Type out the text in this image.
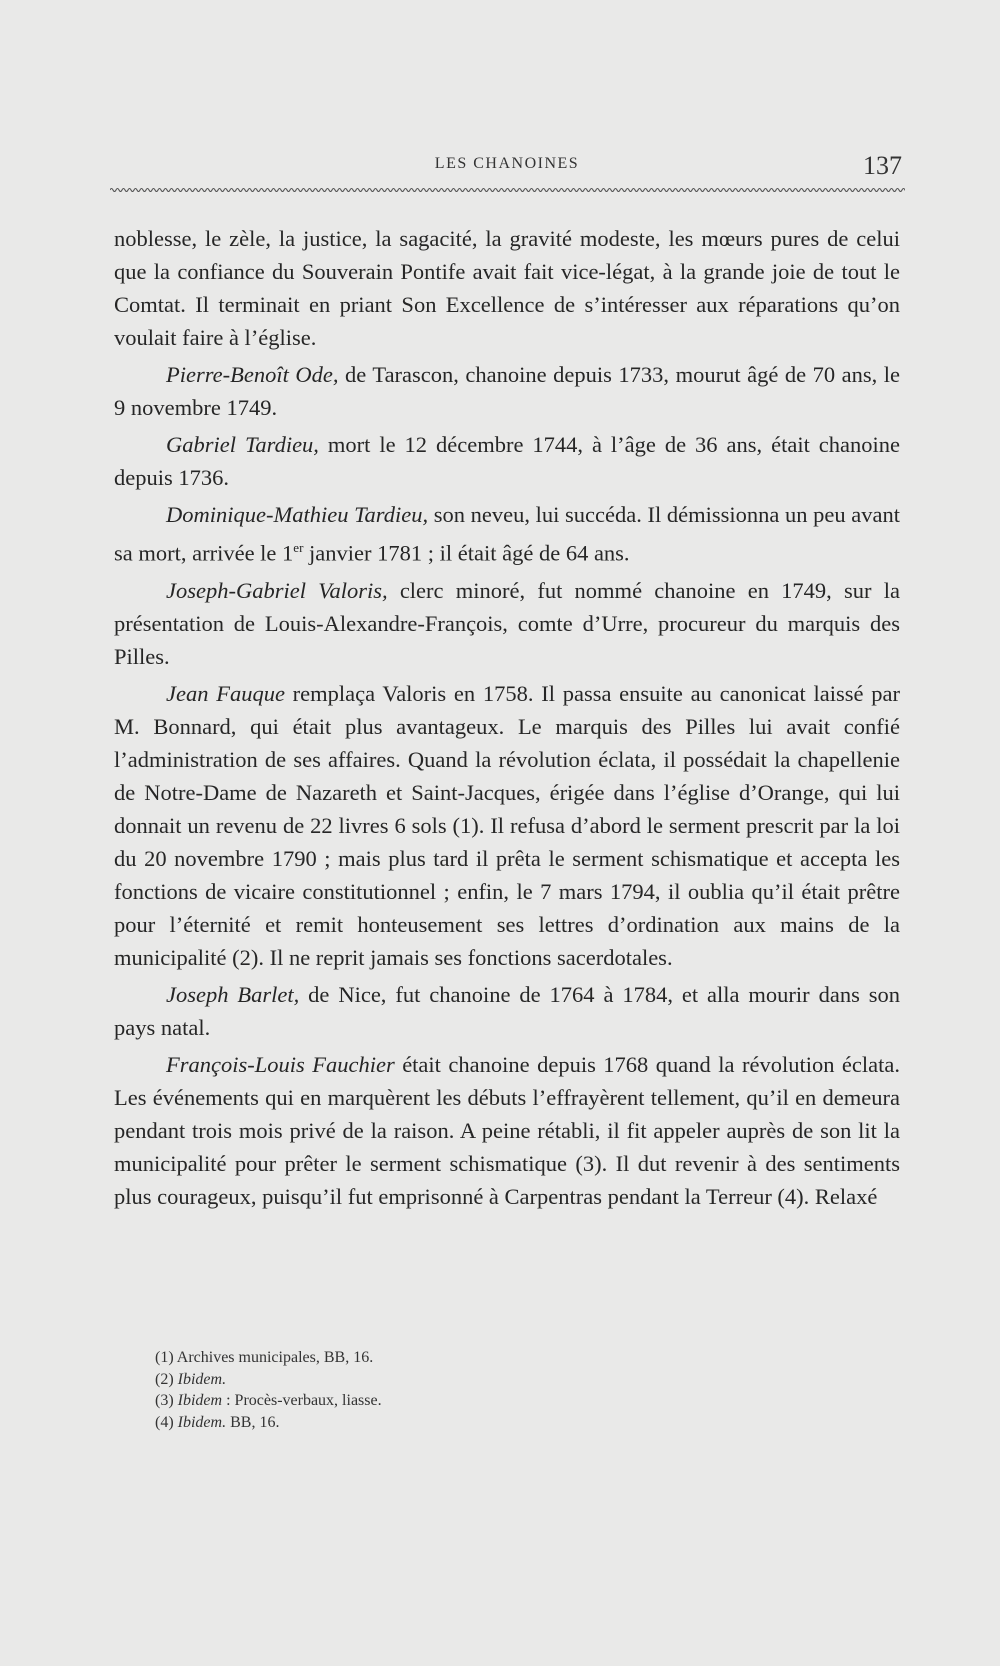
LES CHANOINES	137

noblesse, le zèle, la justice, la sagacité, la gravité modeste, les mœurs pures de celui que la confiance du Souverain Pontife avait fait vice-légat, à la grande joie de tout le Comtat. Il terminait en priant Son Excellence de s’intéresser aux réparations qu’on voulait faire à l’église.

Pierre-Benoît Ode, de Tarascon, chanoine depuis 1733, mourut âgé de 70 ans, le 9 novembre 1749.

Gabriel Tardieu, mort le 12 décembre 1744, à l’âge de 36 ans, était chanoine depuis 1736.

Dominique-Mathieu Tardieu, son neveu, lui succéda. Il démissionna un peu avant sa mort, arrivée le 1er janvier 1781 ; il était âgé de 64 ans.

Joseph-Gabriel Valoris, clerc minoré, fut nommé chanoine en 1749, sur la présentation de Louis-Alexandre-François, comte d’Urre, procureur du marquis des Pilles.

Jean Fauque remplaça Valoris en 1758. Il passa ensuite au canonicat laissé par M. Bonnard, qui était plus avantageux. Le marquis des Pilles lui avait confié l’administration de ses affaires. Quand la révolution éclata, il possédait la chapellenie de Notre-Dame de Nazareth et Saint-Jacques, érigée dans l’église d’Orange, qui lui donnait un revenu de 22 livres 6 sols (1). Il refusa d’abord le serment prescrit par la loi du 20 novembre 1790 ; mais plus tard il prêta le serment schismatique et accepta les fonctions de vicaire constitutionnel ; enfin, le 7 mars 1794, il oublia qu’il était prêtre pour l’éternité et remit honteusement ses lettres d’ordination aux mains de la municipalité (2). Il ne reprit jamais ses fonctions sacerdotales.

Joseph Barlet, de Nice, fut chanoine de 1764 à 1784, et alla mourir dans son pays natal.

François-Louis Fauchier était chanoine depuis 1768 quand la révolution éclata. Les événements qui en marquèrent les débuts l’effrayèrent tellement, qu’il en demeura pendant trois mois privé de la raison. A peine rétabli, il fit appeler auprès de son lit la municipalité pour prêter le serment schismatique (3). Il dut revenir à des sentiments plus courageux, puisqu’il fut emprisonné à Carpentras pendant la Terreur (4). Relaxé

(1) Archives municipales, BB, 16.
(2) Ibidem.
(3) Ibidem : Procès-verbaux, liasse.
(4) Ibidem. BB, 16.
